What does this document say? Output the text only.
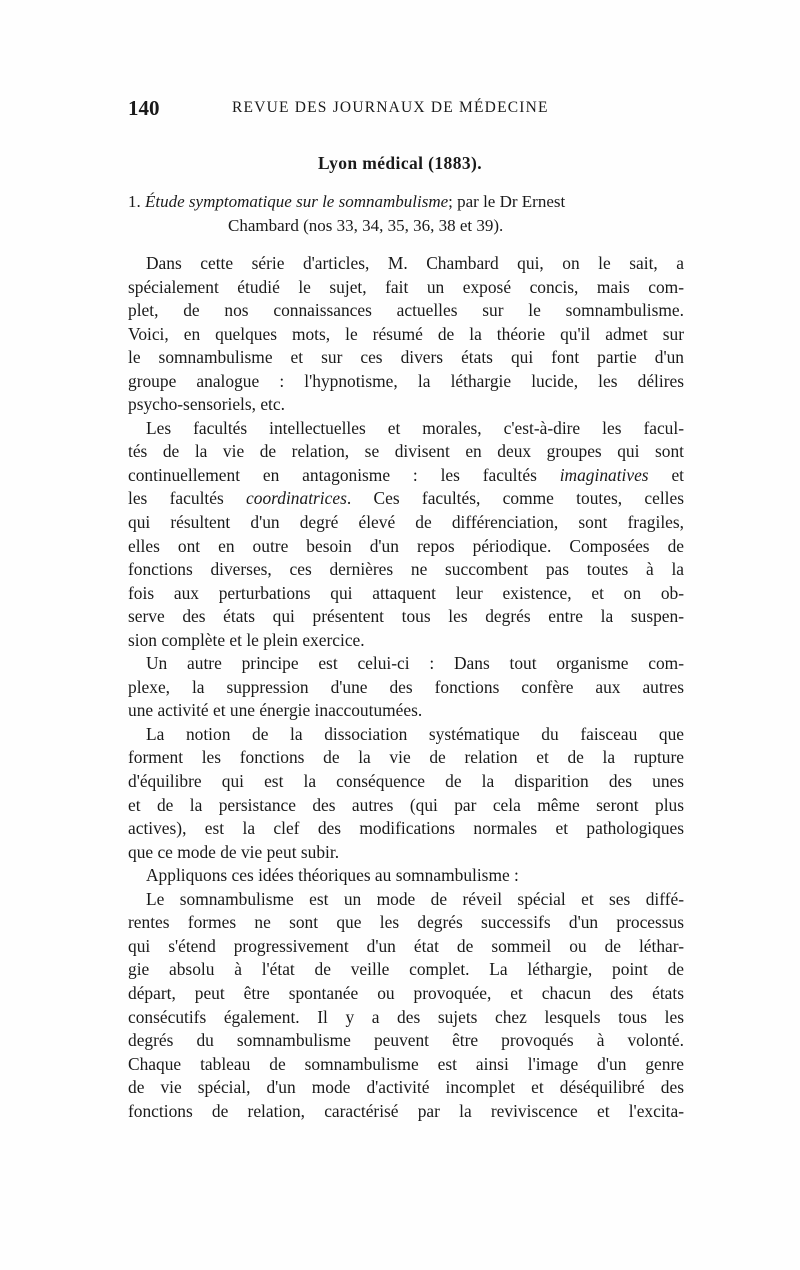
140	REVUE DES JOURNAUX DE MÉDECINE
Lyon médical (1883).
1. Étude symptomatique sur le somnambulisme; par le Dr Ernest
Chambard (nos 33, 34, 35, 36, 38 et 39).
Dans cette série d'articles, M. Chambard qui, on le sait, a
spécialement étudié le sujet, fait un exposé concis, mais com-
plet, de nos connaissances actuelles sur le somnambulisme.
Voici, en quelques mots, le résumé de la théorie qu'il admet sur
le somnambulisme et sur ces divers états qui font partie d'un
groupe analogue : l'hypnotisme, la léthargie lucide, les délires
psycho-sensoriels, etc.
Les facultés intellectuelles et morales, c'est-à-dire les facul-
tés de la vie de relation, se divisent en deux groupes qui sont
continuellement en antagonisme : les facultés imaginatives et
les facultés coordinatrices. Ces facultés, comme toutes, celles
qui résultent d'un degré élevé de différenciation, sont fragiles,
elles ont en outre besoin d'un repos périodique. Composées de
fonctions diverses, ces dernières ne succombent pas toutes à la
fois aux perturbations qui attaquent leur existence, et on ob-
serve des états qui présentent tous les degrés entre la suspen-
sion complète et le plein exercice.
Un autre principe est celui-ci : Dans tout organisme com-
plexe, la suppression d'une des fonctions confère aux autres
une activité et une énergie inaccoutumées.
La notion de la dissociation systématique du faisceau que
forment les fonctions de la vie de relation et de la rupture
d'équilibre qui est la conséquence de la disparition des unes
et de la persistance des autres (qui par cela même seront plus
actives), est la clef des modifications normales et pathologiques
que ce mode de vie peut subir.
Appliquons ces idées théoriques au somnambulisme :
Le somnambulisme est un mode de réveil spécial et ses diffé-
rentes formes ne sont que les degrés successifs d'un processus
qui s'étend progressivement d'un état de sommeil ou de léthar-
gie absolu à l'état de veille complet. La léthargie, point de
départ, peut être spontanée ou provoquée, et chacun des états
consécutifs également. Il y a des sujets chez lesquels tous les
degrés du somnambulisme peuvent être provoqués à volonté.
Chaque tableau de somnambulisme est ainsi l'image d'un genre
de vie spécial, d'un mode d'activité incomplet et déséquilibré des
fonctions de relation, caractérisé par la reviviscence et l'excita-
